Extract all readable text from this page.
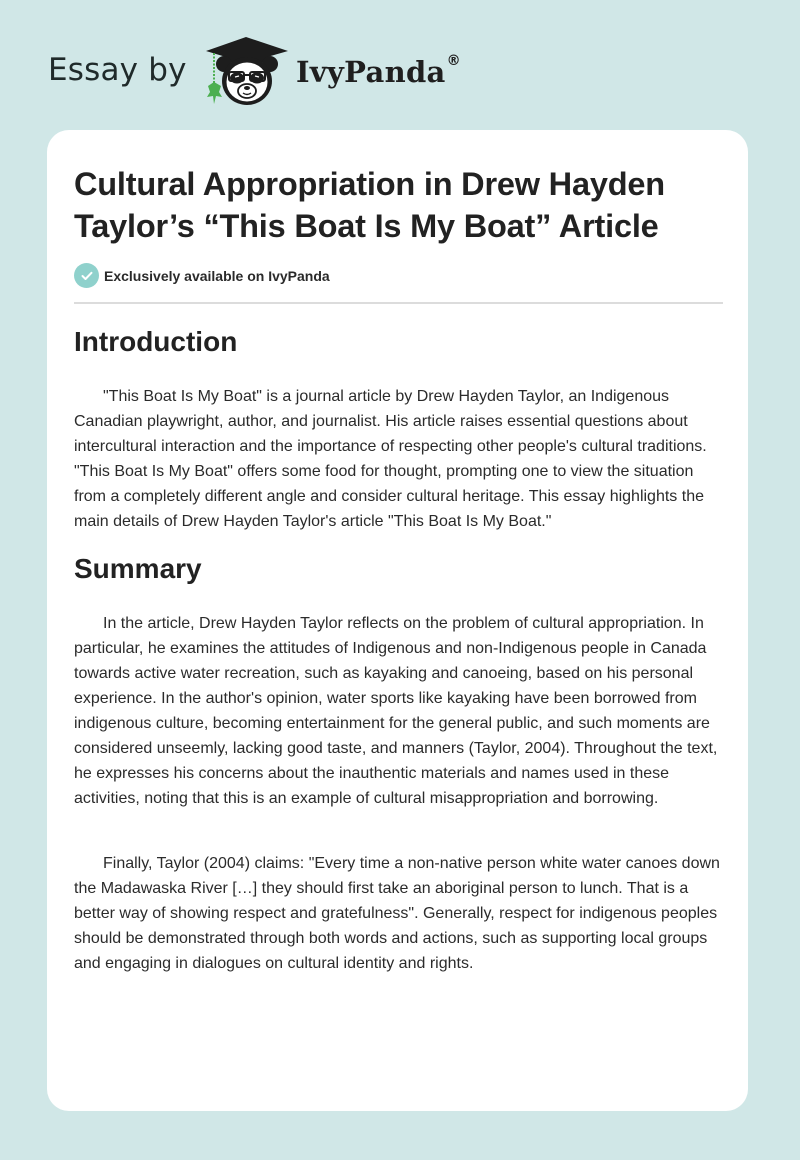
Essay by	IvyPanda®
Cultural Appropriation in Drew Hayden Taylor’s “This Boat Is My Boat” Article
Exclusively available on IvyPanda
Introduction

"This Boat Is My Boat" is a journal article by Drew Hayden Taylor, an Indigenous Canadian playwright, author, and journalist. His article raises essential questions about intercultural interaction and the importance of respecting other people's cultural traditions. "This Boat Is My Boat" offers some food for thought, prompting one to view the situation from a completely different angle and consider cultural heritage. This essay highlights the main details of Drew Hayden Taylor's article "This Boat Is My Boat."

Summary

In the article, Drew Hayden Taylor reflects on the problem of cultural appropriation. In particular, he examines the attitudes of Indigenous and non-Indigenous people in Canada towards active water recreation, such as kayaking and canoeing, based on his personal experience. In the author's opinion, water sports like kayaking have been borrowed from indigenous culture, becoming entertainment for the general public, and such moments are considered unseemly, lacking good taste, and manners (Taylor, 2004). Throughout the text, he expresses his concerns about the inauthentic materials and names used in these activities, noting that this is an example of cultural misappropriation and borrowing.

Finally, Taylor (2004) claims: "Every time a non-native person white water canoes down the Madawaska River […] they should first take an aboriginal person to lunch. That is a better way of showing respect and gratefulness". Generally, respect for indigenous peoples should be demonstrated through both words and actions, such as supporting local groups and engaging in dialogues on cultural identity and rights.
